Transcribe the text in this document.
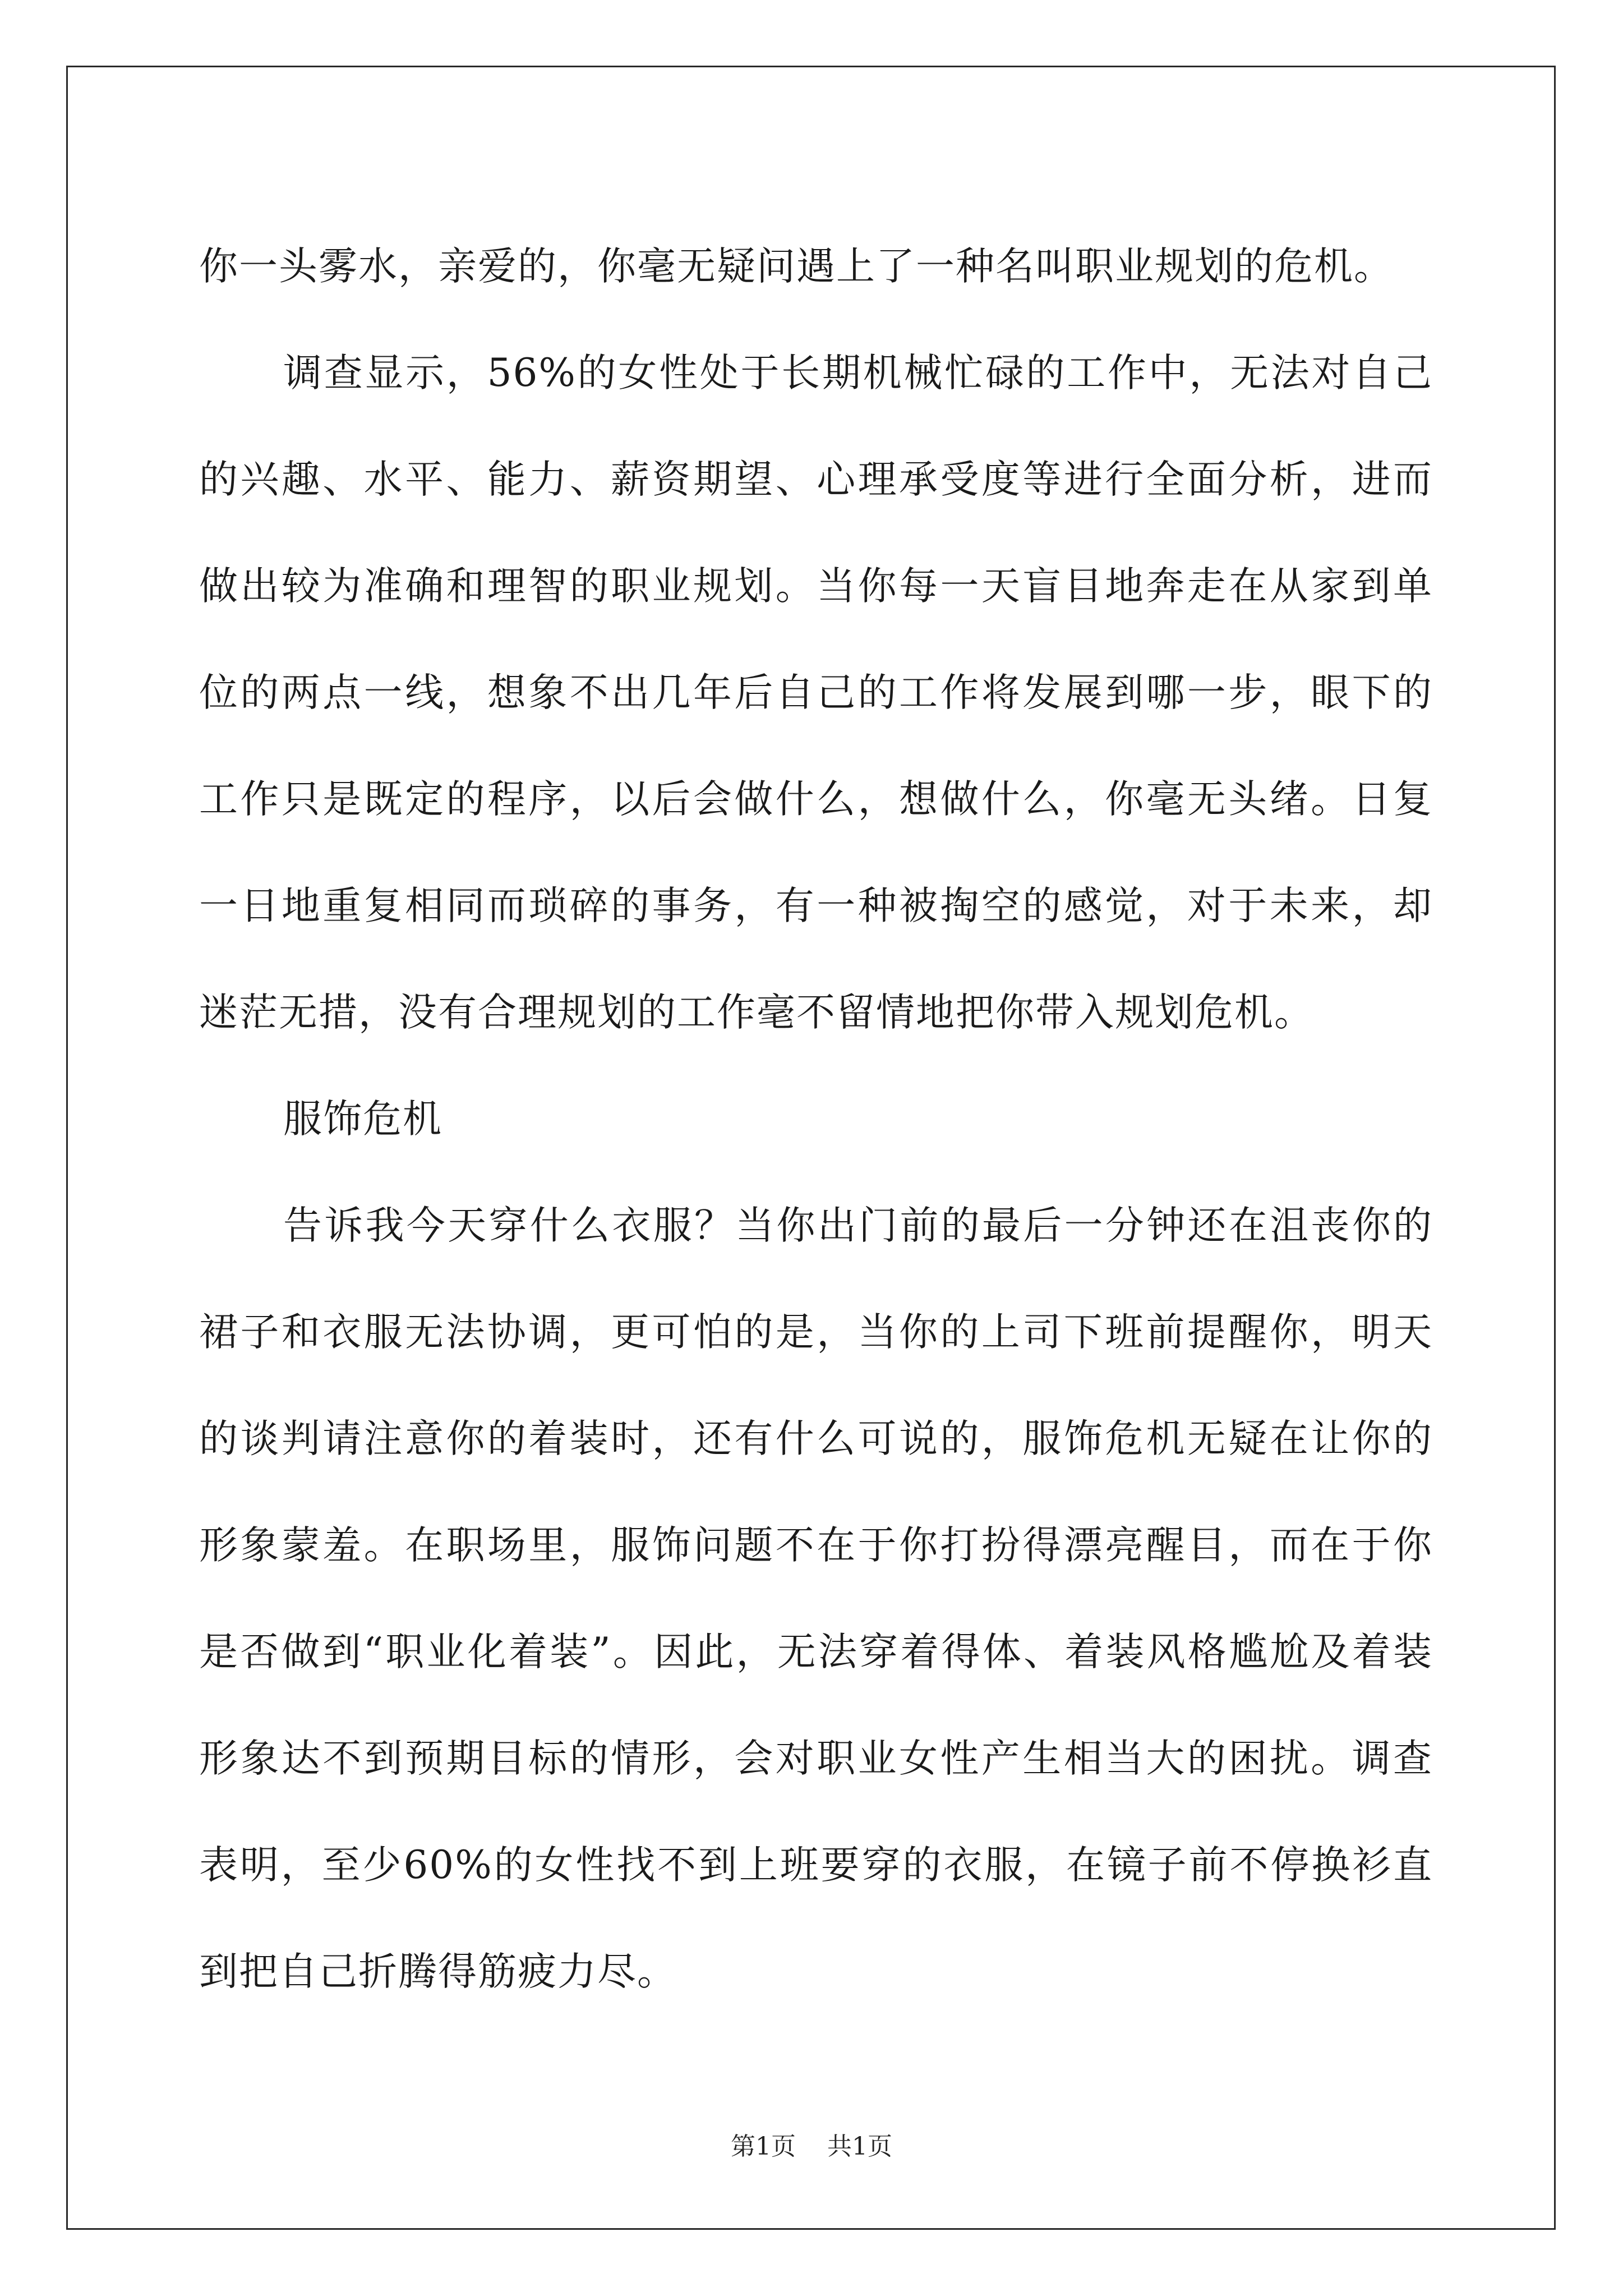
你一头雾水，亲爱的，你毫无疑问遇上了一种名叫职业规划的危机。

调查显示，56%的女性处于长期机械忙碌的工作中，无法对自己的兴趣、水平、能力、薪资期望、心理承受度等进行全面分析，进而做出较为准确和理智的职业规划。当你每一天盲目地奔走在从家到单位的两点一线，想象不出几年后自己的工作将发展到哪一步，眼下的工作只是既定的程序，以后会做什么，想做什么，你毫无头绪。日复一日地重复相同而琐碎的事务，有一种被掏空的感觉，对于未来，却迷茫无措，没有合理规划的工作毫不留情地把你带入规划危机。

服饰危机

告诉我今天穿什么衣服？当你出门前的最后一分钟还在沮丧你的裙子和衣服无法协调，更可怕的是，当你的上司下班前提醒你，明天的谈判请注意你的着装时，还有什么可说的，服饰危机无疑在让你的形象蒙羞。在职场里，服饰问题不在于你打扮得漂亮醒目，而在于你是否做到“职业化着装”。因此，无法穿着得体、着装风格尴尬及着装形象达不到预期目标的情形，会对职业女性产生相当大的困扰。调查表明，至少60%的女性找不到上班要穿的衣服，在镜子前不停换衫直到把自己折腾得筋疲力尽。

第1页    共1页
